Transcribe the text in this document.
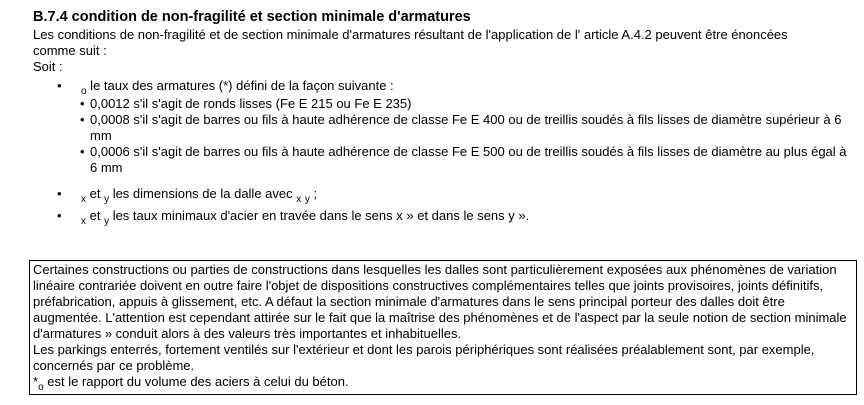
B.7.4 condition de non-fragilité et section minimale d'armatures

Les conditions de non-fragilité et de section minimale d'armatures résultant de l'application de l' article A.4.2 peuvent être énoncées comme suit :

Soit :

• $_o$ le taux des armatures (*) défini de la façon suivante :
• 0,0012 s'il s'agit de ronds lisses (Fe E 215 ou Fe E 235)
• 0,0008 s'il s'agit de barres ou fils à haute adhérence de classe Fe E 400 ou de treillis soudés à fils lisses de diamètre supérieur à 6 mm
• 0,0006 s'il s'agit de barres ou fils à haute adhérence de classe Fe E 500 ou de treillis soudés à fils lisses de diamètre au plus égal à 6 mm
• $_x$ et $_y$ les dimensions de la dalle avec $_x$ $_y$ ;
• $_x$ et $_y$ les taux minimaux d'acier en travée dans le sens x » et dans le sens y ».

Certaines constructions ou parties de constructions dans lesquelles les dalles sont particulièrement exposées aux phénomènes de variation linéaire contrariée doivent en outre faire l'objet de dispositions constructives complémentaires telles que joints provisoires, joints définitifs, préfabrication, appuis à glissement, etc. A défaut la section minimale d'armatures dans le sens principal porteur des dalles doit être augmentée. L'attention est cependant attirée sur le fait que la maîtrise des phénomènes et de l'aspect par la seule notion de section minimale d'armatures » conduit alors à des valeurs très importantes et inhabituelles.

Les parkings enterrés, fortement ventilés sur l'extérieur et dont les parois périphériques sont réalisées préalablement sont, par exemple, concernés par ce problème.

$*_o$ est le rapport du volume des aciers à celui du béton.
